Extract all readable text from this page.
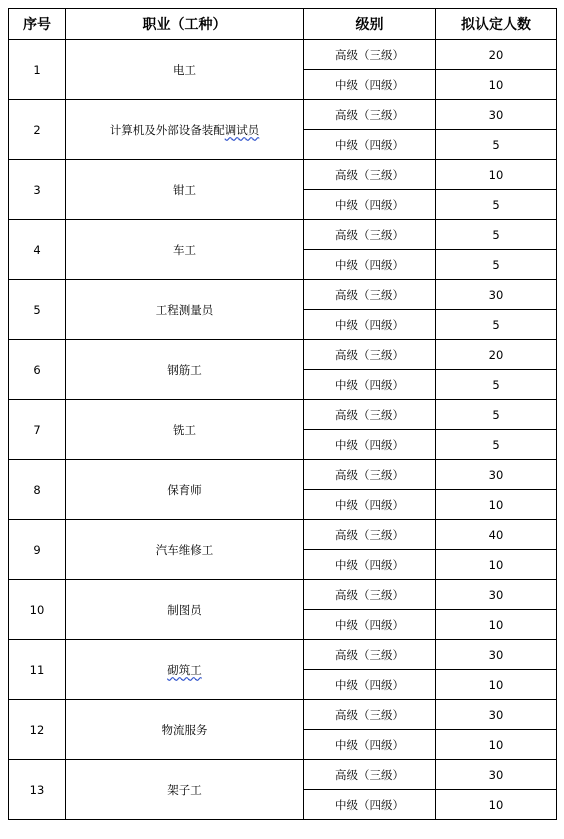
序号	职业（工种）	级别	拟认定人数
1	电工	高级（三级）	20
		中级（四级）	10
2	计算机及外部设备装配调试员	高级（三级）	30
		中级（四级）	5
3	钳工	高级（三级）	10
		中级（四级）	5
4	车工	高级（三级）	5
		中级（四级）	5
5	工程测量员	高级（三级）	30
		中级（四级）	5
6	钢筋工	高级（三级）	20
		中级（四级）	5
7	铣工	高级（三级）	5
		中级（四级）	5
8	保育师	高级（三级）	30
		中级（四级）	10
9	汽车维修工	高级（三级）	40
		中级（四级）	10
10	制图员	高级（三级）	30
		中级（四级）	10
11	砌筑工	高级（三级）	30
		中级（四级）	10
12	物流服务	高级（三级）	30
		中级（四级）	10
13	架子工	高级（三级）	30
		中级（四级）	10
